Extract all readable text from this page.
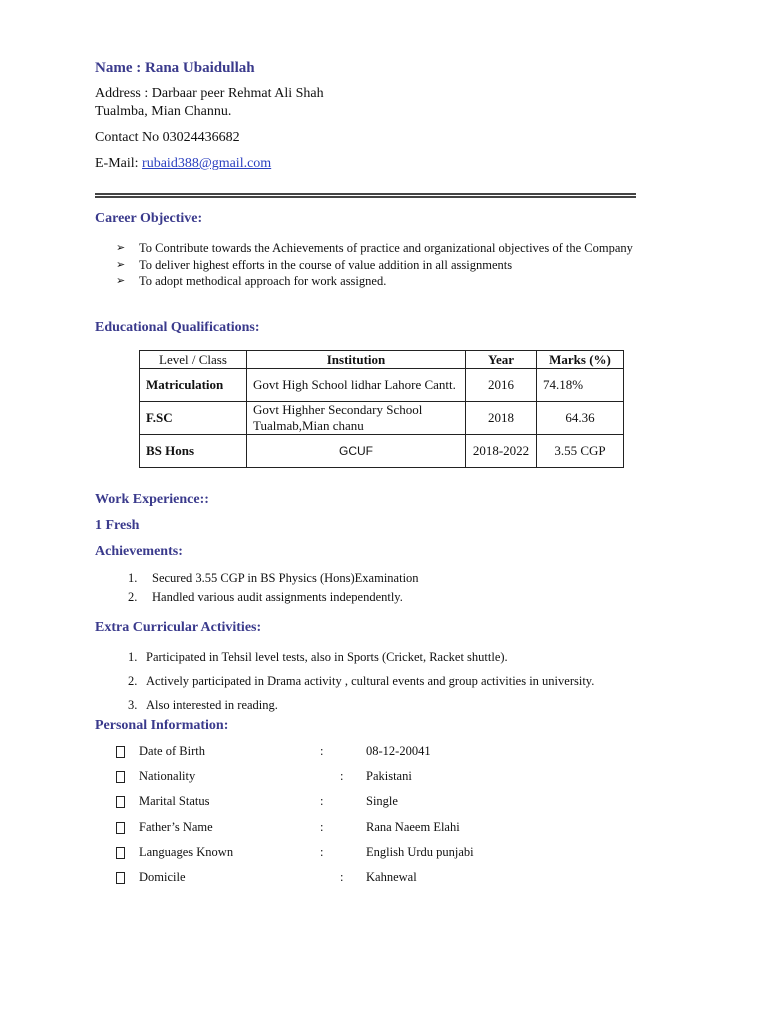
Name : Rana Ubaidullah
Address : Darbaar peer Rehmat Ali Shah
Tualmba, Mian Channu.
Contact No 03024436682
E-Mail: rubaid388@gmail.com
Career Objective:
➢ To Contribute towards the Achievements of practice and organizational objectives of the Company
➢ To deliver highest efforts in the course of value addition in all assignments
➢ To adopt methodical approach for work assigned.
Educational Qualifications:
Level / Class	Institution	Year	Marks (%)
Matriculation	Govt High School lidhar Lahore Cantt.	2016	74.18%
F.SC	Govt Highher Secondary School Tualmab,Mian chanu	2018	64.36
BS Hons	GCUF	2018-2022	3.55 CGP
Work Experience::
1 Fresh
Achievements:
1. Secured 3.55 CGP in BS Physics (Hons)Examination
2. Handled various audit assignments independently.
Extra Curricular Activities:
1. Participated in Tehsil level tests, also in Sports (Cricket, Racket shuttle).
2. Actively participated in Drama activity , cultural events and group activities in university.
3. Also interested in reading.
Personal Information:
Date of Birth	:	08-12-20041
Nationality	: Pakistani
Marital Status	:	Single
Father’s Name	:	Rana Naeem Elahi
Languages Known	:	English Urdu punjabi
Domicile	: Kahnewal
